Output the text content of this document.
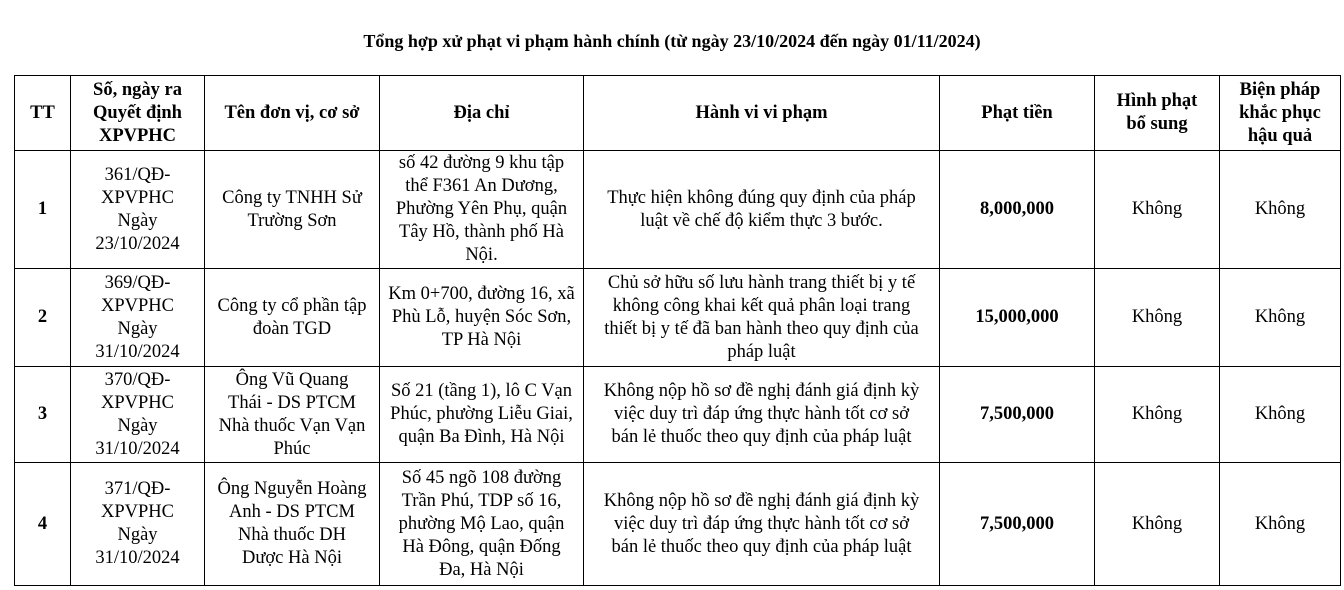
Tổng hợp xử phạt vi phạm hành chính (từ ngày 23/10/2024 đến ngày 01/11/2024)
TT	Số, ngày ra
Quyết định
XPVPHC	Tên đơn vị, cơ sở	Địa chỉ	Hành vi vi phạm	Phạt tiền	Hình phạt
bổ sung	Biện pháp
khắc phục
hậu quả
1	361/QĐ-
XPVPHC
Ngày
23/10/2024	Công ty TNHH Sử
Trường Sơn	số 42 đường 9 khu tập
thể F361 An Dương,
Phường Yên Phụ, quận
Tây Hồ, thành phố Hà
Nội.	Thực hiện không đúng quy định của pháp
luật về chế độ kiểm thực 3 bước.	8,000,000	Không	Không
2	369/QĐ-
XPVPHC
Ngày
31/10/2024	Công ty cổ phần tập
đoàn TGD	Km 0+700, đường 16, xã
Phù Lỗ, huyện Sóc Sơn,
TP Hà Nội	Chủ sở hữu số lưu hành trang thiết bị y tế
không công khai kết quả phân loại trang
thiết bị y tế đã ban hành theo quy định của
pháp luật	15,000,000	Không	Không
3	370/QĐ-
XPVPHC
Ngày
31/10/2024	Ông Vũ Quang
Thái - DS PTCM
Nhà thuốc Vạn Vạn
Phúc	Số 21 (tầng 1), lô C Vạn
Phúc, phường Liễu Giai,
quận Ba Đình, Hà Nội	Không nộp hồ sơ đề nghị đánh giá định kỳ
việc duy trì đáp ứng thực hành tốt cơ sở
bán lẻ thuốc theo quy định của pháp luật	7,500,000	Không	Không
4	371/QĐ-
XPVPHC
Ngày
31/10/2024	Ông Nguyễn Hoàng
Anh - DS PTCM
Nhà thuốc DH
Dược Hà Nội	Số 45 ngõ 108 đường
Trần Phú, TDP số 16,
phường Mộ Lao, quận
Hà Đông, quận Đống
Đa, Hà Nội	Không nộp hồ sơ đề nghị đánh giá định kỳ
việc duy trì đáp ứng thực hành tốt cơ sở
bán lẻ thuốc theo quy định của pháp luật	7,500,000	Không	Không
